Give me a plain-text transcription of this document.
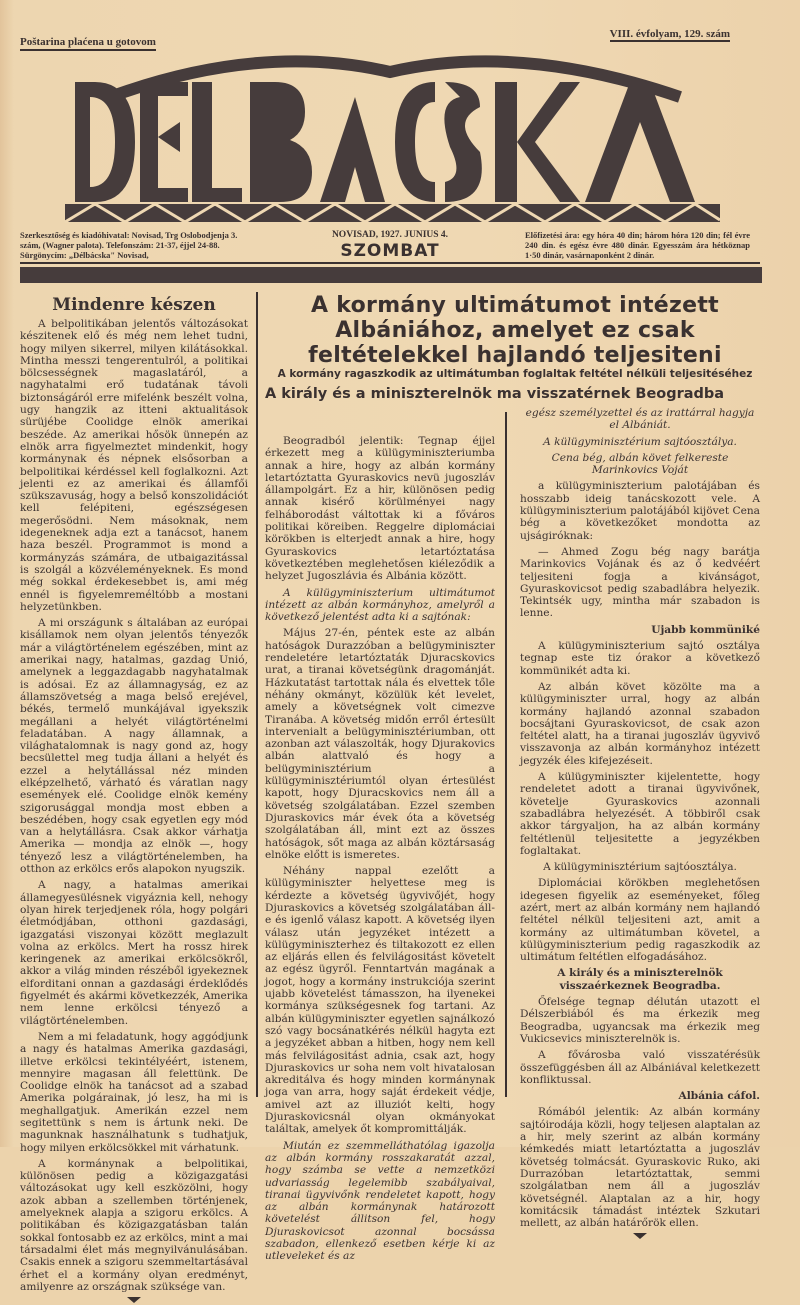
Poštarina plaćena u gotovom
VIII. évfolyam, 129. szám
Szerkesztőség és kiadóhivatal: Novisad, Trg Oslobodjenja 3. szám, (Wagner palota). Telefonszám: 21-37, éjjel 24-88. Sürgönycím: „Délbácska" Novisad,
NOVISAD, 1927. JUNIUS 4.
SZOMBAT
Előfizetési ára: egy hóra 40 din; három hóra 120 din; fél évre 240 din. és egész évre 480 dinár. Egyesszám ára hétköznap 1·50 dinár, vasárnaponként 2 dinár.
Mindenre készen

A belpolitikában jelentős változásokat készitenek elő és még nem lehet tudni, hogy milyen sikerrel, milyen kilátásokkal. Mintha messzi tengerentulról, a politikai bölcsességnek magaslatáról, a nagyhatalmi erő tudatának távoli biztonságáról erre mifelénk beszélt volna, ugy hangzik az itteni aktualitások sürüjébe Coolidge elnök amerikai beszéde. Az amerikai hősök ünnepén az elnök arra figyelmeztet mindenkit, hogy kormánynak és népnek elsősorban a belpolitikai kérdéssel kell foglalkozni. Azt jelenti ez az amerikai és államfői szükszavuság, hogy a belső konszolidációt kell felépiteni, egészségesen megerősödni. Nem másoknak, nem idegeneknek adja ezt a tanácsot, hanem haza beszél. Programmot is mond a kormányzás számára, de utbaigazitással is szolgál a közvéleményeknek. Es mond még sokkal érdekesebbet is, ami még ennél is figyelemreméltóbb a mostani helyzetünkben.

A mi országunk s általában az európai kisállamok nem olyan jelentős tényezők már a világtörténelem egészében, mint az amerikai nagy, hatalmas, gazdag Unió, amelynek a leggazdagabb nagyhatalmak is adósai. Ez az államnagyság, ez az államszövetség a maga belső erejével, békés, termelő munkájával igyekszik megállani a helyét világtörténelmi feladatában. A nagy államnak, a világhatalomnak is nagy gond az, hogy becsülettel meg tudja állani a helyét és ezzel a helytállással néz minden elképzelhető, várható és váratlan nagy események elé. Coolidge elnök kemény szigorusággal mondja most ebben a beszédében, hogy csak egyetlen egy mód van a helytállásra. Csak akkor várhatja Amerika — mondja az elnök —, hogy tényező lesz a világtörténelemben, ha otthon az erkölcs erős alapokon nyugszik.

A nagy, a hatalmas amerikai államegyesülésnek vigyáznia kell, nehogy olyan hirek terjedjenek róla, hogy polgári életmódjában, otthoni gazdasági, igazgatási viszonyai között meglazult volna az erkölcs. Mert ha rossz hirek keringenek az amerikai erkölcsökről, akkor a világ minden részéből igyekeznek elforditani onnan a gazdasági érdeklődés figyelmét és akármi következzék, Amerika nem lenne erkölcsi tényező a világtörténelemben.

Nem a mi feladatunk, hogy aggódjunk a nagy és hatalmas Amerika gazdasági, illetve erkölcsi tekintélyéért, istenem, mennyire magasan áll felettünk. De Coolidge elnök ha tanácsot ad a szabad Amerika polgárainak, jó lesz, ha mi is meghallgatjuk. Amerikán ezzel nem segitettünk s nem is ártunk neki. De magunknak használhatunk s tudhatjuk, hogy milyen erkölcsökkel mit várhatunk.

A kormánynak a belpolitikai, különösen pedig a közigazgatási változásokat ugy kell eszközölni, hogy azok abban a szellemben történjenek, amelyeknek alapja a szigoru erkölcs. A politikában és közigazgatásban talán sokkal fontosabb ez az erkölcs, mint a mai társadalmi élet más megnyilvánulásában. Csakis ennek a szigoru szemmeltartásával érhet el a kormány olyan eredményt, amilyenre az országnak szüksége van.

A kormány ultimátumot intézett
Albániához, amelyet ez csak
feltételekkel hajlandó teljesiteni
A kormány ragaszkodik az ultimátumban foglaltak feltétel nélküli teljesitéséhez
A király és a miniszterelnök ma visszatérnek Beogradba

Beogradból jelentik: Tegnap éjjel érkezett meg a külügyminiszteriumba annak a hire, hogy az albán kormány letartóztatta Gyuraskovics nevü jugoszláv állampolgárt. Ez a hir, különösen pedig annak kisérő körülményei nagy felháborodást váltottak ki a főváros politikai köreiben. Reggelre diplomáciai körökben is elterjedt annak a hire, hogy Gyuraskovics letartóztatása következtében meglehetősen kiéleződik a helyzet Jugoszlávia és Albánia között.

A külügyminiszterium ultimátumot intézett az albán kormányhoz, amelyről a következő jelentést adta ki a sajtónak:

Május 27-én, péntek este az albán hatóságok Durazzóban a belügyminiszter rendeletére letartóztaták Djuracskovics urat, a tiranai követségünk dragománját. Házkutatást tartottak nála és elvettek tőle néhány okmányt, közülük két levelet, amely a követségnek volt cimezve Tiranába. A követség midőn erről értesült intervenialt a belügyminisztériumban, ott azonban azt válaszolták, hogy Djurakovics albán alattvaló és hogy a belügyminisztérium a külügyminisztériumtól olyan értesülést kapott, hogy Djuracskovics nem áll a követség szolgálatában. Ezzel szemben Djuraskovics már évek óta a követség szolgálatában áll, mint ezt az összes hatóságok, sőt maga az albán köztársaság elnöke előtt is ismeretes.

Néhány nappal ezelőtt a külügyminiszter helyettese meg is kérdezte a követség ügyvivőjét, hogy Djuraskovics a követség szolgálatában áll-e és igenlő válasz kapott. A követség ilyen válasz után jegyzéket intézett a külügyminiszterhez és tiltakozott ez ellen az eljárás ellen és felvilágositást követelt az egész ügyről. Fenntartván magának a jogot, hogy a kormány instrukciója szerint ujabb követelést támasszon, ha ilyenekei kormánya szükségesnek fog tartani. Az albán külügyminiszter egyetlen sajnálkozó szó vagy bocsánatkérés nélkül hagyta ezt a jegyzéket abban a hitben, hogy nem kell más felvilágositást adnia, csak azt, hogy Djuraskovics ur soha nem volt hivatalosan akreditálva és hogy minden kormánynak joga van arra, hogy saját érdekeit védje, amivel azt az illuziót kelti, hogy Djuraskovicsnál olyan okmányokat találtak, amelyek őt kompromittálják.

Miután ez szemmelláthatólag igazolja az albán kormány rosszakaratát azzal, hogy számba se vette a nemzetközi udvariasság legelemibb szabályaival, tiranai ügyvivőnk rendeletet kapott, hogy az albán kormánynak határozott követelést állitson fel, hogy Djuraskovicsot azonnal bocsássa szabadon, ellenkező esetben kérje ki az utleveleket és az

egész személyzettel és az irattárral hagyja el Albániát.

A külügyminisztérium sajtóosztálya.

Cena bég, albán követ felkereste Marinkovics Voját

a külügyminiszterium palotájában és hosszabb ideig tanácskozott vele. A külügyminiszterium palotájából kijövet Cena bég a következőket mondotta az ujságiróknak:

— Ahmed Zogu bég nagy barátja Marinkovics Vojának és az ő kedvéért teljesiteni fogja a kivánságot, Gyuraskovicsot pedig szabadlábra helyezik. Tekintsék ugy, mintha már szabadon is lenne.

Ujabb kommüniké

A külügyminiszterium sajtó osztálya tegnap este tiz órakor a következő kommünikét adta ki.

Az albán követ közölte ma a külügyminiszter urral, hogy az albán kormány hajlandó azonnal szabadon bocsájtani Gyuraskovicsot, de csak azon feltétel alatt, ha a tiranai jugoszláv ügyvivő visszavonja az albán kormányhoz intézett jegyzék éles kifejezéseit.

A külügyminiszter kijelentette, hogy rendeletet adott a tiranai ügyvivőnek, követelje Gyuraskovics azonnali szabadlábra helyezését. A többiről csak akkor tárgyaljon, ha az albán kormány feltétlenül teljesitette a jegyzékben foglaltakat.

A külügyminisztérium sajtóosztálya.

Diplomáciai körökben meglehetősen idegesen figyelik az eseményeket, főleg azért, mert az albán kormány nem hajlandó feltétel nélkül teljesiteni azt, amit a kormány az ultimátumban követel, a külügyminiszterium pedig ragaszkodik az ultimátum feltétlen elfogadásához.

A király és a miniszterelnök visszaérkeznek Beogradba.

Őfelsége tegnap délután utazott el Délszerbiából és ma érkezik meg Beogradba, ugyancsak ma érkezik meg Vukicsevics miniszterelnök is.

A fővárosba való visszatérésük összefüggésben áll az Albániával keletkezett konfliktussal.

Albánia cáfol.

Rómából jelentik: Az albán kormány sajtóirodája közli, hogy teljesen alaptalan az a hir, mely szerint az albán kormány kémkedés miatt letartóztatta a jugoszláv követség tolmácsát. Gyuraskovic Ruko, aki Durrazóban letartóztattak, semmi szolgálatban nem áll a jugoszláv követségnél. Alaptalan az a hir, hogy komitácsik támadást intéztek Szkutari mellett, az albán határőrök ellen.
